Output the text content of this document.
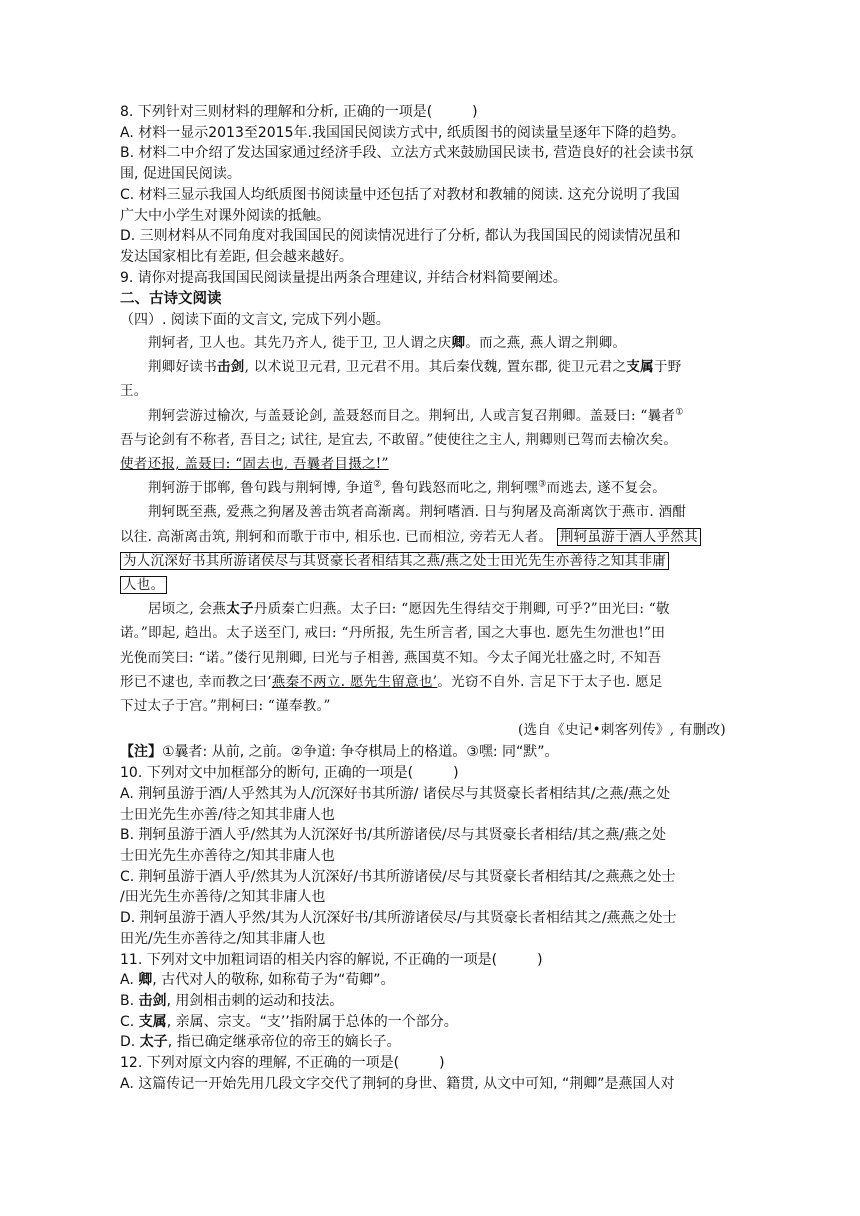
8. 下列针对三则材料的理解和分析, 正确的一项是(	)
A. 材料一显示2013至2015年.我国国民阅读方式中, 纸质图书的阅读量呈逐年下降的趋势。
B. 材料二中介绍了发达国家通过经济手段、立法方式来鼓励国民读书, 营造良好的社会读书氛
围, 促进国民阅读。
C. 材料三显示我国人均纸质图书阅读量中还包括了对教材和教辅的阅读. 这充分说明了我国
广大中小学生对课外阅读的抵触。
D. 三则材料从不同角度对我国国民的阅读情况进行了分析, 都认为我国国民的阅读情况虽和
发达国家相比有差距, 但会越来越好。
9. 请你对提高我国国民阅读量提出两条合理建议, 并结合材料简要阐述。
二、古诗文阅读
（四）. 阅读下面的文言文, 完成下列小题。
荆轲者, 卫人也。其先乃齐人, 徙于卫, 卫人谓之庆卿。而之燕, 燕人谓之荆卿。
荆卿好读书击剑, 以术说卫元君, 卫元君不用。其后秦伐魏, 置东郡, 徙卫元君之支属于野
王。
荆轲尝游过榆次, 与盖聂论剑, 盖聂怒而目之。荆轲出, 人或言复召荆卿。盖聂曰: “曩者①
吾与论剑有不称者, 吾目之; 试往, 是宜去, 不敢留。”使使往之主人, 荆卿则已驾而去榆次矣。
使者还报, 盖聂曰: “固去也, 吾曩者目摄之!”
荆轲游于邯郸, 鲁句践与荆轲博, 争道②, 鲁句践怒而叱之, 荆轲嘿③而逃去, 遂不复会。
荆轲既至燕, 爱燕之狗屠及善击筑者高渐离。荆轲嗜酒. 日与狗屠及高渐离饮于燕市. 酒酣
以往. 高渐离击筑, 荆轲和而歌于市中, 相乐也. 已而相泣, 旁若无人者。 荆轲虽游于酒人乎然其
为人沉深好书其所游诸侯尽与其贤豪长者相结其之燕/燕之处士田光先生亦善待之知其非庸
人也。
居顷之, 会燕太子丹质秦亡归燕。太子曰: “愿因先生得结交于荆卿, 可乎?”田光曰: “敬
诺。”即起, 趋出。太子送至门, 戒曰: “丹所报, 先生所言者, 国之大事也. 愿先生勿泄也!”田
光俛而笑曰: “诺。”偻行见荆卿, 曰光与子相善, 燕国莫不知。今太子闻光壮盛之时, 不知吾
形已不逮也, 幸而教之曰‘燕秦不两立. 愿先生留意也’。光窃不自外. 言足下于太子也. 愿足
下过太子于宫。”荆柯曰: “谨奉教。”
(选自《史记•刺客列传》, 有删改)
【注】①曩者: 从前, 之前。②争道: 争夺棋局上的格道。③嘿: 同“默”。
10. 下列对文中加框部分的断句, 正确的一项是(	)
A. 荆轲虽游于酒/人乎然其为人/沉深好书其所游/ 诸侯尽与其贤豪长者相结其/之燕/燕之处
士田光先生亦善/待之知其非庸人也
B. 荆轲虽游于酒人乎/然其为人沉深好书/其所游诸侯/尽与其贤豪长者相结/其之燕/燕之处
士田光先生亦善待之/知其非庸人也
C. 荆轲虽游于酒人乎/然其为人沉深好/书其所游诸侯/尽与其贤豪长者相结其/之燕燕之处士
/田光先生亦善待/之知其非庸人也
D. 荆轲虽游于酒人乎然/其为人沉深好书/其所游诸侯尽/与其贤豪长者相结其之/燕燕之处士
田光/先生亦善待之/知其非庸人也
11. 下列对文中加粗词语的相关内容的解说, 不正确的一项是(	)
A. 卿, 古代对人的敬称, 如称荀子为“荀卿”。
B. 击剑, 用剑相击刺的运动和技法。
C. 支属, 亲属、宗支。“支’’指附属于总体的一个部分。
D. 太子, 指已确定继承帝位的帝王的嫡长子。
12. 下列对原文内容的理解, 不正确的一项是(	)
A. 这篇传记一开始先用几段文字交代了荆轲的身世、籍贯, 从文中可知, “荆卿”是燕国人对
